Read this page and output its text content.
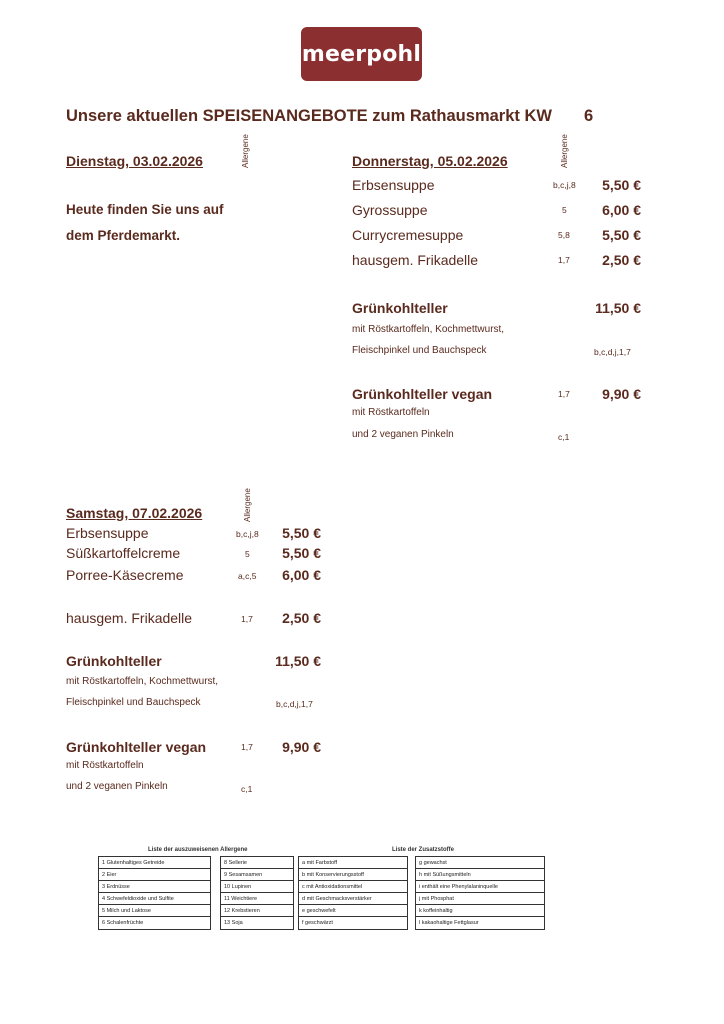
meerpohl
Unsere aktuellen SPEISENANGEBOTE zum Rathausmarkt KW 6
Dienstag, 03.02.2026	Allergene
Heute finden Sie uns auf
dem Pferdemarkt.
Donnerstag, 05.02.2026	Allergene
Erbsensuppe	b,c,j,8	5,50 €
Gyrossuppe	5	6,00 €
Currycremesuppe	5,8	5,50 €
hausgem. Frikadelle	1,7	2,50 €
Grünkohlteller	11,50 €
mit Röstkartoffeln, Kochmettwurst,
Fleischpinkel und Bauchspeck	b,c,d,j,1,7
Grünkohlteller vegan	1,7	9,90 €
mit Röstkartoffeln
und 2 veganen Pinkeln	c,1
Samstag, 07.02.2026	Allergene
Erbsensuppe	b,c,j,8	5,50 €
Süßkartoffelcreme	5	5,50 €
Porree-Käsecreme	a,c,5	6,00 €
hausgem. Frikadelle	1,7	2,50 €
Grünkohlteller	11,50 €
mit Röstkartoffeln, Kochmettwurst,
Fleischpinkel und Bauchspeck	b,c,d,j,1,7
Grünkohlteller vegan	1,7	9,90 €
mit Röstkartoffeln
und 2 veganen Pinkeln	c,1
Liste der auszuweisenen Allergene	Liste der Zusatzstoffe
1 Glutenhaltiges Getreide
2 Eier
3 Erdnüsse
4 Schwefeldioxide und Sulfite
5 Milch und Laktose
6 Schalenfrüchte
8 Sellerie
9 Sesamsamen
10 Lupinen
11 Weichtiere
12 Krebstieren
13 Soja
a mit Farbstoff
b mit Konservierungsstoff
c mit Antioxidationsmittel
d mit Geschmacksverstärker
e geschwefelt
f geschwärzt
g gewachst
h mit Süßungsmitteln
i enthält eine Phenylalaninquelle
j mit Phosphat
k koffeinhaltig
l kakaohaltige Fettglasur
